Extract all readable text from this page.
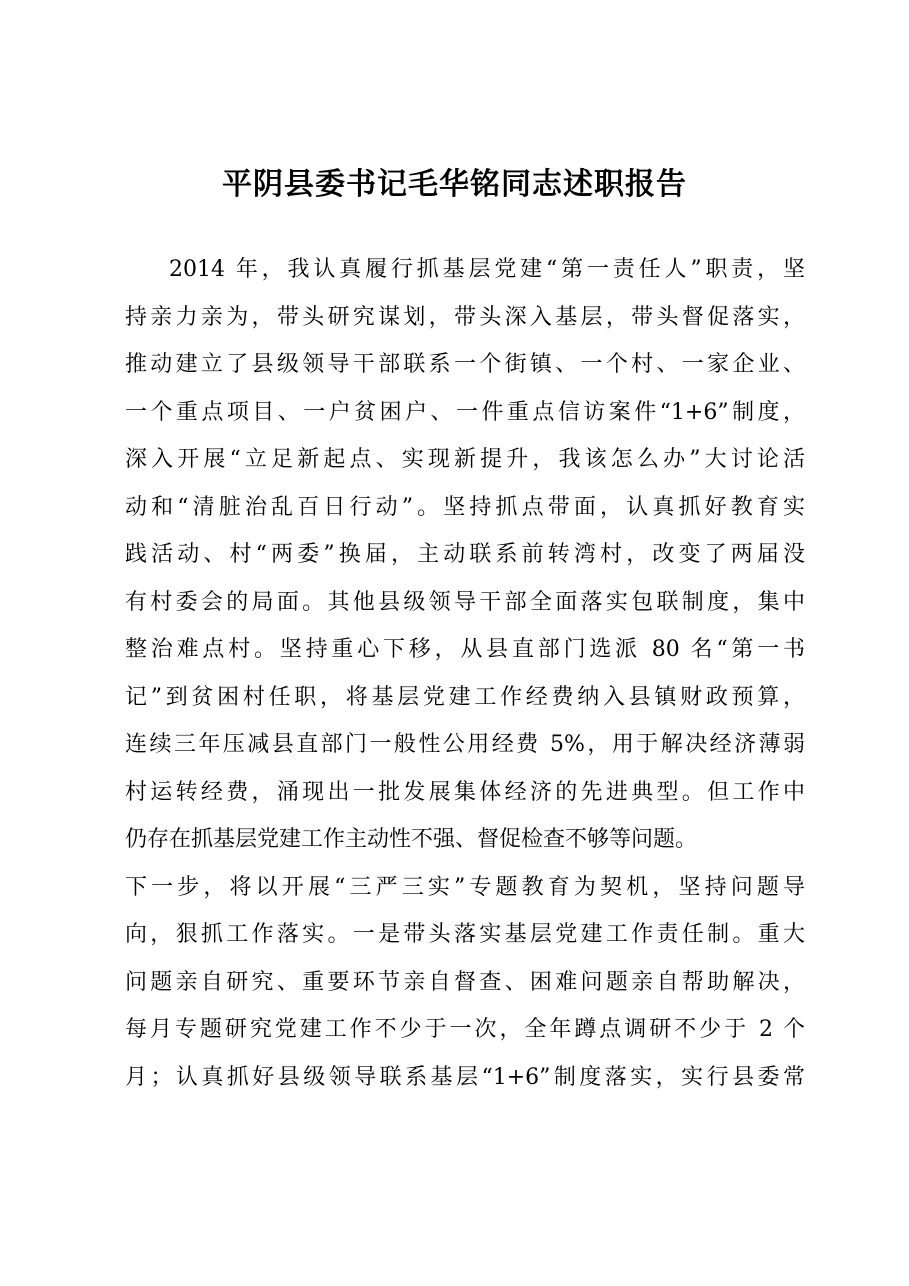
平阴县委书记毛华铭同志述职报告
2014 年，我认真履行抓基层党建“第一责任人”职责，坚
持亲力亲为，带头研究谋划，带头深入基层，带头督促落实，
推动建立了县级领导干部联系一个街镇、一个村、一家企业、
一个重点项目、一户贫困户、一件重点信访案件“1+6”制度，
深入开展“立足新起点、实现新提升，我该怎么办”大讨论活
动和“清脏治乱百日行动”。坚持抓点带面，认真抓好教育实
践活动、村“两委”换届，主动联系前转湾村，改变了两届没
有村委会的局面。其他县级领导干部全面落实包联制度，集中
整治难点村。坚持重心下移，从县直部门选派 80 名“第一书
记”到贫困村任职，将基层党建工作经费纳入县镇财政预算，
连续三年压减县直部门一般性公用经费 5%，用于解决经济薄弱
村运转经费，涌现出一批发展集体经济的先进典型。但工作中
仍存在抓基层党建工作主动性不强、督促检查不够等问题。
下一步，将以开展“三严三实”专题教育为契机，坚持问题导
向，狠抓工作落实。一是带头落实基层党建工作责任制。重大
问题亲自研究、重要环节亲自督查、困难问题亲自帮助解决，
每月专题研究党建工作不少于一次，全年蹲点调研不少于 2 个
月；认真抓好县级领导联系基层“1+6”制度落实，实行县委常
